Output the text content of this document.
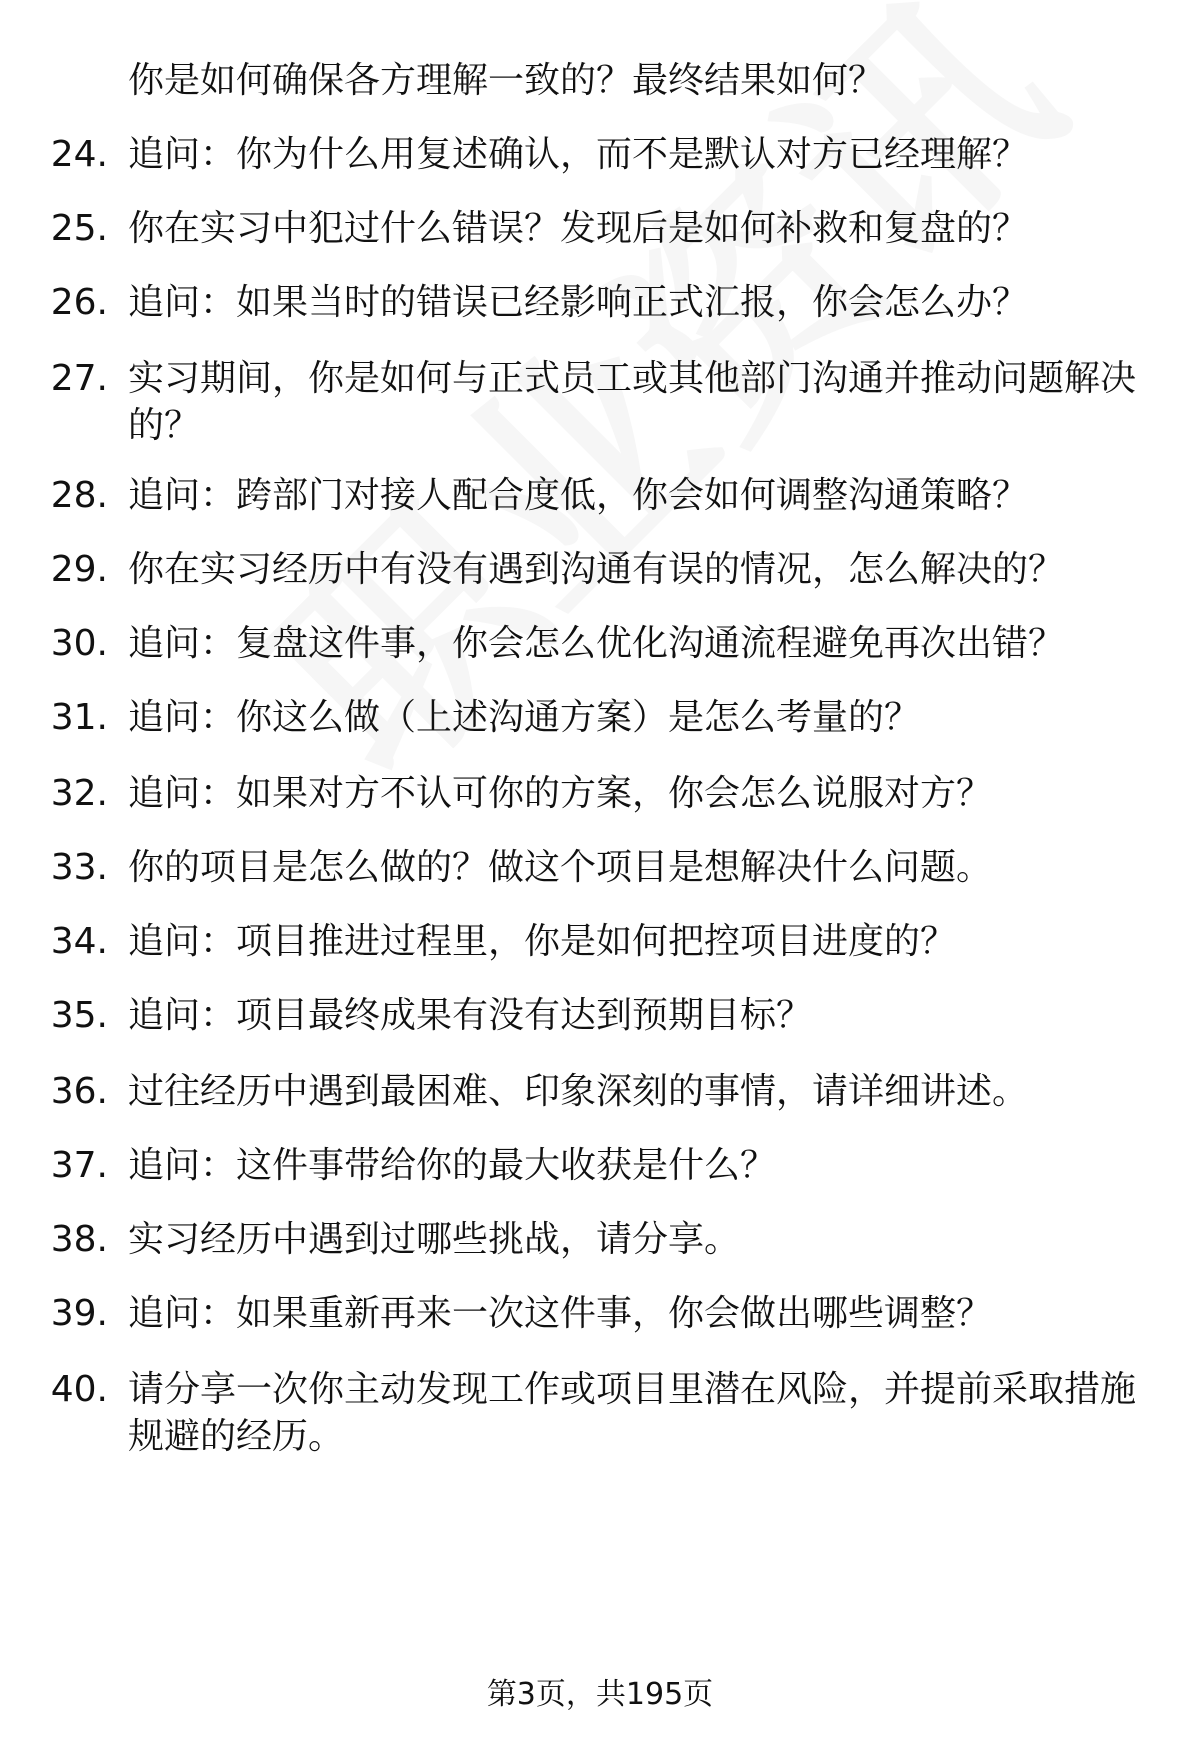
你是如何确保各方理解一致的？最终结果如何？
24. 追问：你为什么用复述确认，而不是默认对方已经理解？
25. 你在实习中犯过什么错误？发现后是如何补救和复盘的？
26. 追问：如果当时的错误已经影响正式汇报，你会怎么办？
27. 实习期间，你是如何与正式员工或其他部门沟通并推动问题解决的？
28. 追问：跨部门对接人配合度低，你会如何调整沟通策略？
29. 你在实习经历中有没有遇到沟通有误的情况，怎么解决的？
30. 追问：复盘这件事，你会怎么优化沟通流程避免再次出错？
31. 追问：你这么做（上述沟通方案）是怎么考量的？
32. 追问：如果对方不认可你的方案，你会怎么说服对方？
33. 你的项目是怎么做的？做这个项目是想解决什么问题。
34. 追问：项目推进过程里，你是如何把控项目进度的？
35. 追问：项目最终成果有没有达到预期目标？
36. 过往经历中遇到最困难、印象深刻的事情，请详细讲述。
37. 追问：这件事带给你的最大收获是什么？
38. 实习经历中遇到过哪些挑战，请分享。
39. 追问：如果重新再来一次这件事，你会做出哪些调整？
40. 请分享一次你主动发现工作或项目里潜在风险，并提前采取措施规避的经历。
第3页，共195页
